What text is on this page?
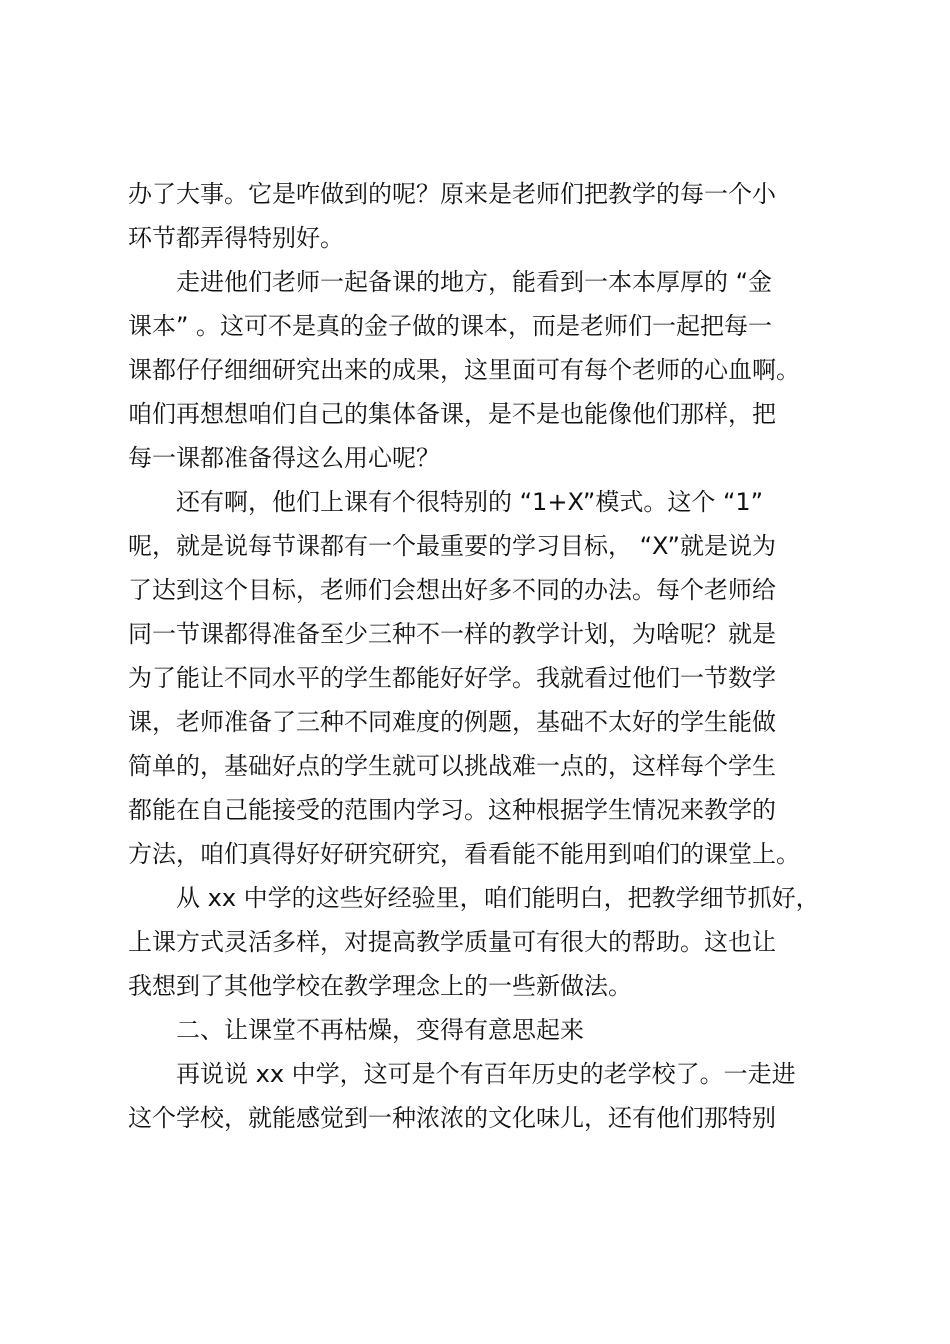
办了大事。它是咋做到的呢？原来是老师们把教学的每一个小

环节都弄得特别好。

走进他们老师一起备课的地方，能看到一本本厚厚的 “金

课本” 。这可不是真的金子做的课本，而是老师们一起把每一

课都仔仔细细研究出来的成果，这里面可有每个老师的心血啊。

咱们再想想咱们自己的集体备课，是不是也能像他们那样，把

每一课都准备得这么用心呢？

还有啊，他们上课有个很特别的 “1+X”模式。这个 “1”

呢，就是说每节课都有一个最重要的学习目标， “X”就是说为

了达到这个目标，老师们会想出好多不同的办法。每个老师给

同一节课都得准备至少三种不一样的教学计划，为啥呢？就是

为了能让不同水平的学生都能好好学。我就看过他们一节数学

课，老师准备了三种不同难度的例题，基础不太好的学生能做

简单的，基础好点的学生就可以挑战难一点的，这样每个学生

都能在自己能接受的范围内学习。这种根据学生情况来教学的

方法，咱们真得好好研究研究，看看能不能用到咱们的课堂上。

从 xx 中学的这些好经验里，咱们能明白，把教学细节抓好，

上课方式灵活多样，对提高教学质量可有很大的帮助。这也让

我想到了其他学校在教学理念上的一些新做法。

二、让课堂不再枯燥，变得有意思起来

再说说 xx 中学，这可是个有百年历史的老学校了。一走进

这个学校，就能感觉到一种浓浓的文化味儿，还有他们那特别
